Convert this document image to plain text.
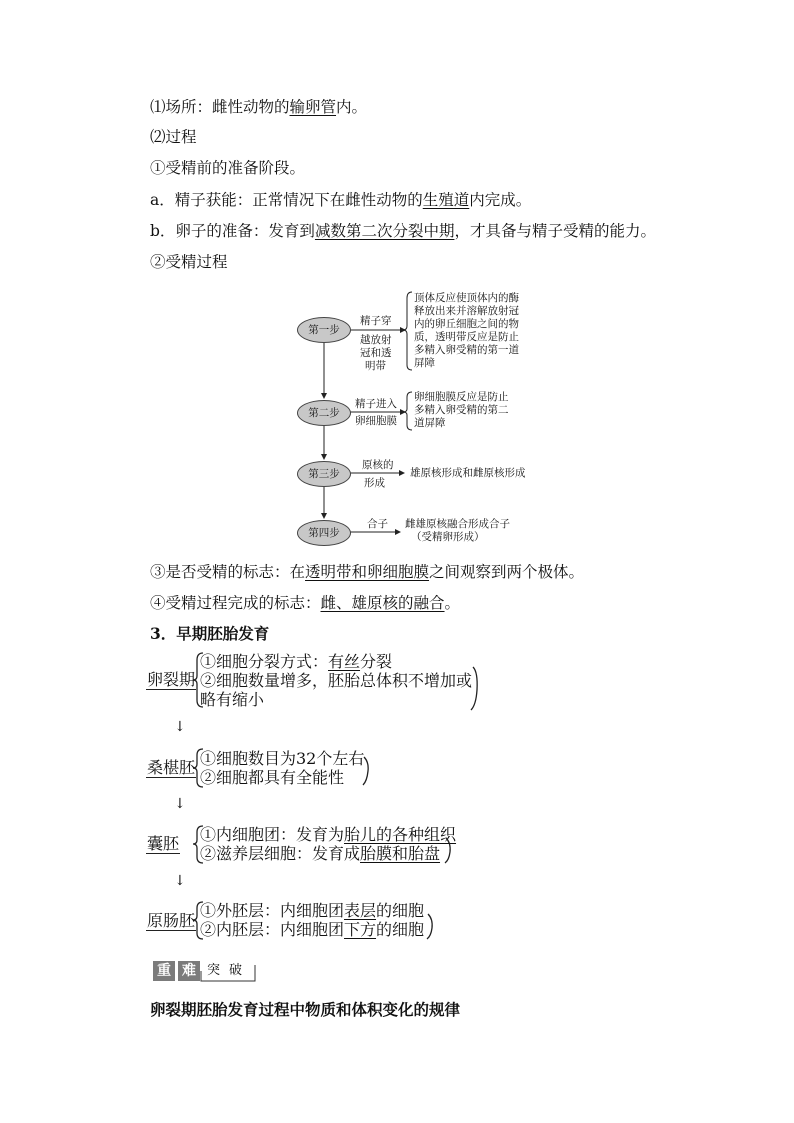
⑴场所：雌性动物的输卵管内。
⑵过程
①受精前的准备阶段。
a．精子获能：正常情况下在雌性动物的生殖道内完成。
b．卵子的准备：发育到减数第二次分裂中期，才具备与精子受精的能力。
②受精过程
第一步
第二步
第三步
第四步
精子穿
越放射
冠和透
明带
顶体反应使顶体内的酶
释放出来并溶解放射冠
内的卵丘细胞之间的物
质，透明带反应是防止
多精入卵受精的第一道
屏障
精子进入
卵细胞膜
卵细胞膜反应是防止
多精入卵受精的第二
道屏障
原核的
形成
雄原核形成和雌原核形成
合子 雌雄原核融合形成合子
（受精卵形成）
③是否受精的标志：在透明带和卵细胞膜之间观察到两个极体。
④受精过程完成的标志：雌、雄原核的融合。
3．早期胚胎发育
卵裂期
①细胞分裂方式：有丝分裂
②细胞数量增多，胚胎总体积不增加或
略有缩小
↓
桑椹胚 ①细胞数目为32个左右
②细胞都具有全能性
↓
囊胚 ①内细胞团：发育为胎儿的各种组织
②滋养层细胞：发育成胎膜和胎盘
↓
原肠胚
①外胚层：内细胞团表层的细胞
②内胚层：内细胞团下方的细胞
重 难 突 破
卵裂期胚胎发育过程中物质和体积变化的规律
